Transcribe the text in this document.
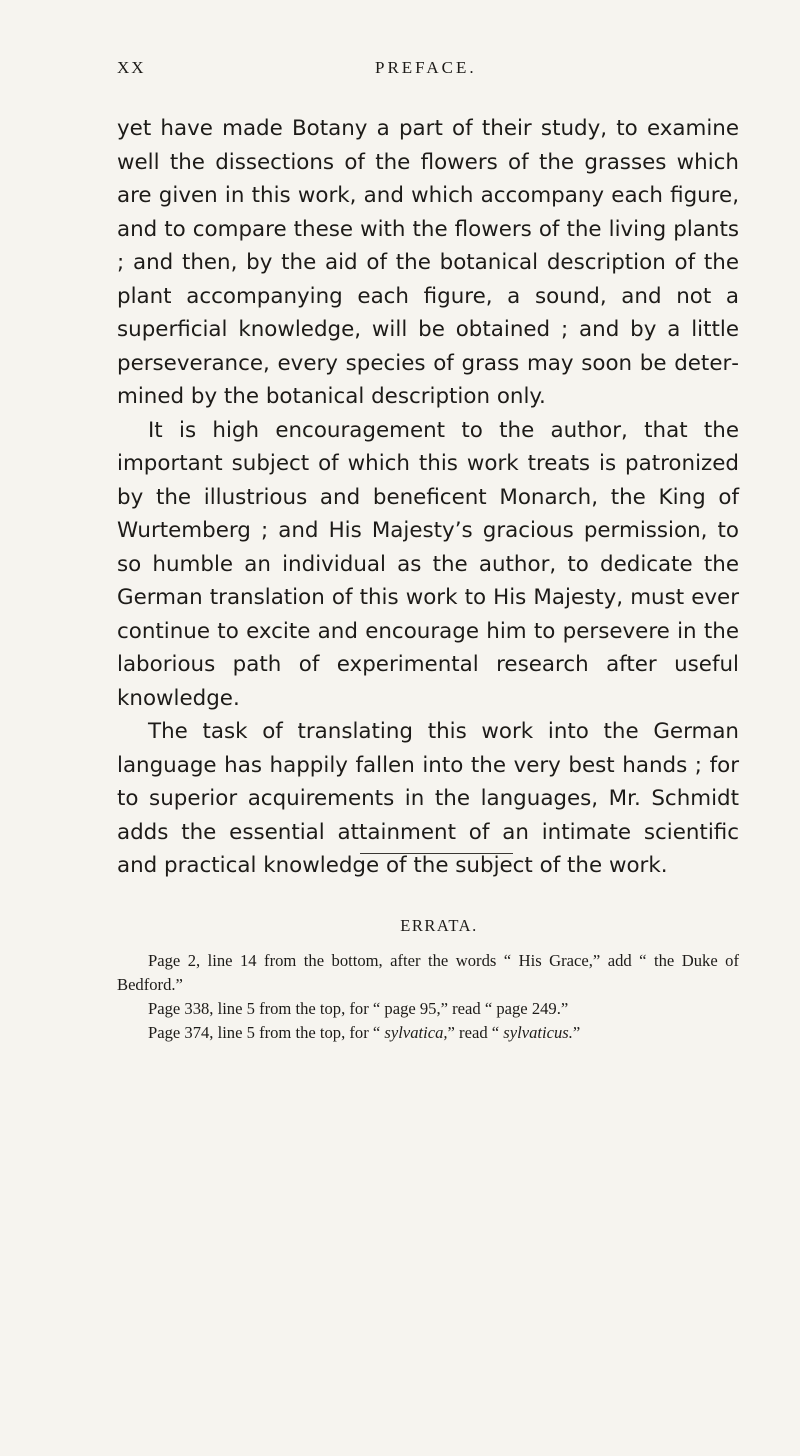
XX	PREFACE.

yet have made Botany a part of their study, to examine well the dissections of the flowers of the grasses which are given in this work, and which accompany each figure, and to compare these with the flowers of the living plants ; and then, by the aid of the botanical description of the plant accompanying each figure, a sound, and not a superficial knowledge, will be obtained ; and by a little perseverance, every species of grass may soon be determined by the botanical description only.

It is high encouragement to the author, that the important subject of which this work treats is patronized by the illustrious and beneficent Monarch, the King of Wurtemberg ; and His Majesty’s gracious permission, to so humble an individual as the author, to dedicate the German translation of this work to His Majesty, must ever continue to excite and encourage him to persevere in the laborious path of experimental research after useful knowledge.

The task of translating this work into the German language has happily fallen into the very best hands ; for to superior acquirements in the languages, Mr. Schmidt adds the essential attainment of an intimate scientific and practical knowledge of the subject of the work.

ERRATA.

Page 2, line 14 from the bottom, after the words “ His Grace,” add “ the Duke of Bedford.”

Page 338, line 5 from the top, for “ page 95,” read “ page 249.”

Page 374, line 5 from the top, for “ sylvatica,” read “ sylvaticus.”
